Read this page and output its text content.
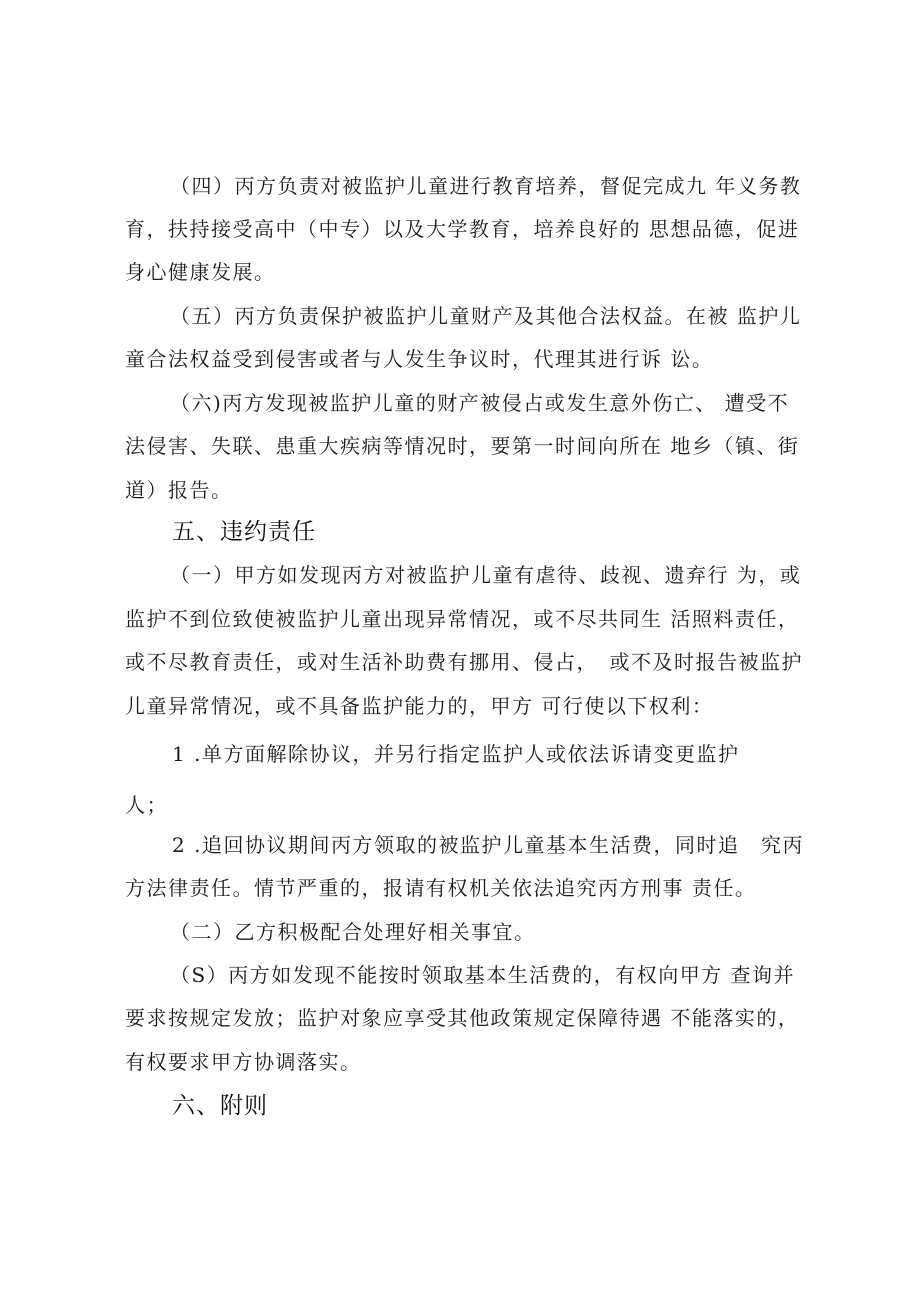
（四）丙方负责对被监护儿童进行教育培养，督促完成九 年义务教
育，扶持接受高中（中专）以及大学教育，培养良好的 思想品德，促进
身心健康发展。
（五）丙方负责保护被监护儿童财产及其他合法权益。在被 监护儿
童合法权益受到侵害或者与人发生争议时，代理其进行诉 讼。
（六)丙方发现被监护儿童的财产被侵占或发生意外伤亡、 遭受不
法侵害、失联、患重大疾病等情况时，要第一时间向所在 地乡（镇、街
道）报告。
五、违约责任
（一）甲方如发现丙方对被监护儿童有虐待、歧视、遗弃行 为，或
监护不到位致使被监护儿童出现异常情况，或不尽共同生 活照料责任，
或不尽教育责任，或对生活补助费有挪用、侵占，　或不及时报告被监护
儿童异常情况，或不具备监护能力的，甲方 可行使以下权利：
1 .单方面解除协议，并另行指定监护人或依法诉请变更监护
人；
2 .追回协议期间丙方领取的被监护儿童基本生活费，同时追　究丙
方法律责任。情节严重的，报请有权机关依法追究丙方刑事 责任。
（二）乙方积极配合处理好相关事宜。
（S）丙方如发现不能按时领取基本生活费的，有权向甲方 查询并
要求按规定发放；监护对象应享受其他政策规定保障待遇 不能落实的，
有权要求甲方协调落实。
六、附则
